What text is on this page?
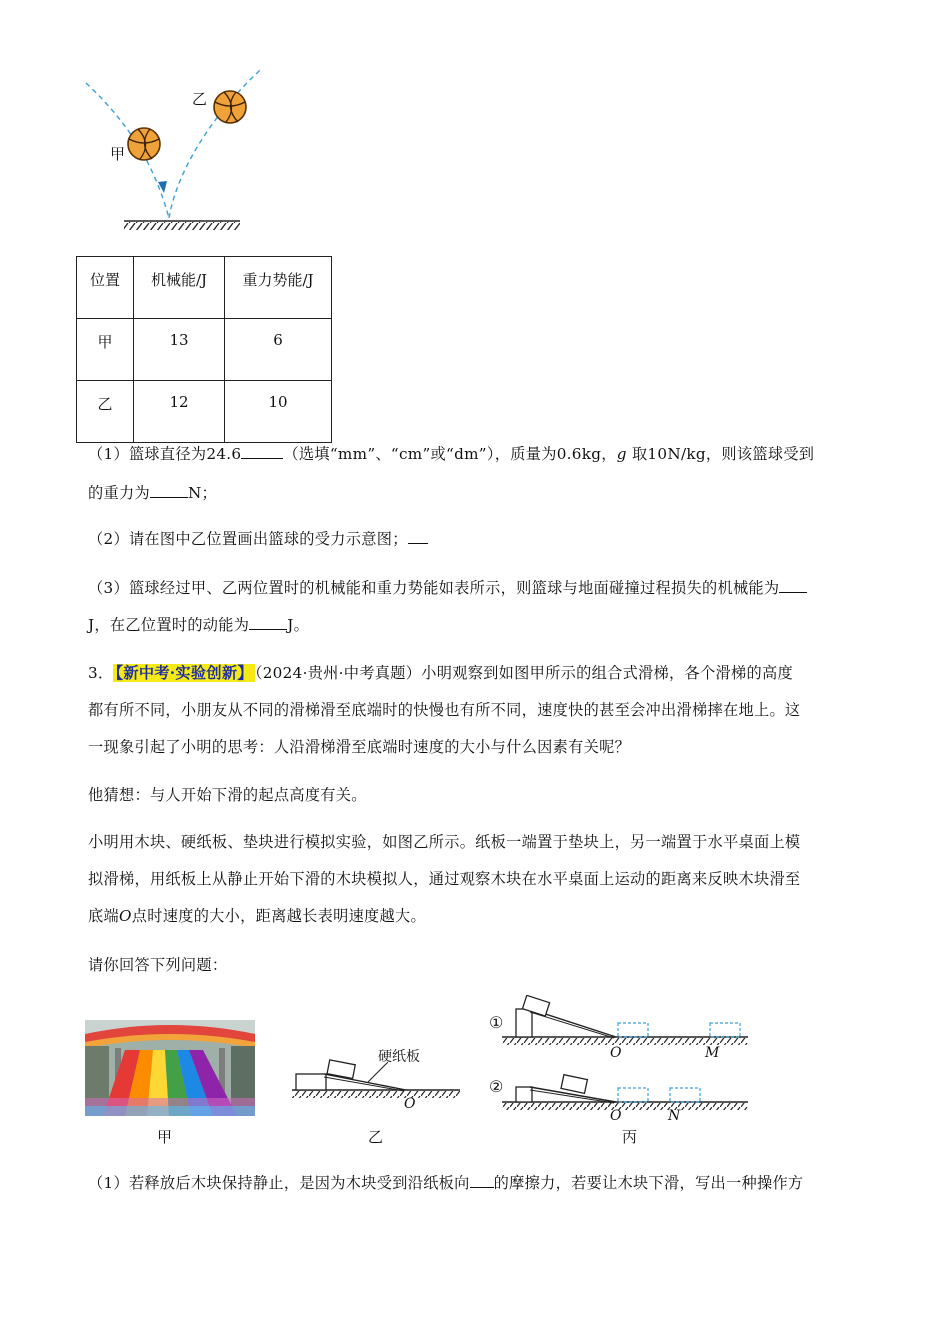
甲
乙
位置	机械能/J	重力势能/J
甲	13	6
乙	12	10
（1）篮球直径为24.6	（选填“mm”、“cm”或“dm”），质量为0.6kg，g 取10N/kg，则该篮球受到
的重力为	N；
（2）请在图中乙位置画出篮球的受力示意图；
（3）篮球经过甲、乙两位置时的机械能和重力势能如表所示，则篮球与地面碰撞过程损失的机械能为
J，在乙位置时的动能为	J。
3． 【新中考·实验创新】 （2024·贵州·中考真题）小明观察到如图甲所示的组合式滑梯，各个滑梯的高度
都有所不同，小朋友从不同的滑梯滑至底端时的快慢也有所不同，速度快的甚至会冲出滑梯摔在地上。这
一现象引起了小明的思考：人沿滑梯滑至底端时速度的大小与什么因素有关呢？
他猜想：与人开始下滑的起点高度有关。
小明用木块、硬纸板、垫块进行模拟实验，如图乙所示。纸板一端置于垫块上，另一端置于水平桌面上模
拟滑梯，用纸板上从静止开始下滑的木块模拟人，通过观察木块在水平桌面上运动的距离来反映木块滑至
底端O点时速度的大小，距离越长表明速度越大。
请你回答下列问题：
甲
硬纸板
O
乙
①
②
O	M
O	N
丙
（1）若释放后木块保持静止，是因为木块受到沿纸板向 的摩擦力，若要让木块下滑，写出一种操作方
